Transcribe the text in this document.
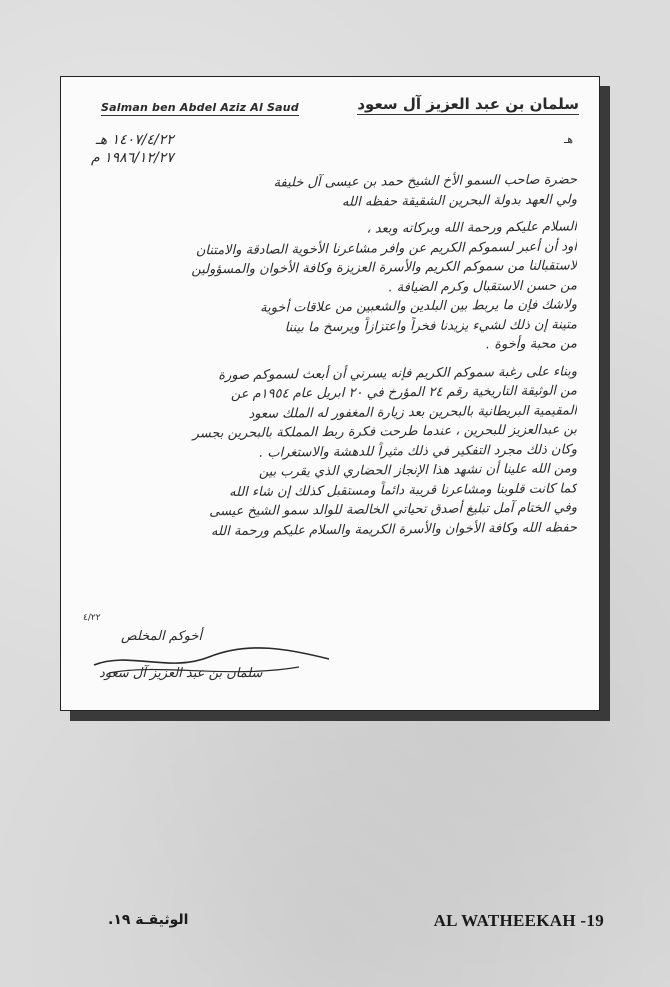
Salman ben Abdel Aziz Al Saud	سلمان بن عبد العزيز آل سعود
هـ
١٤٠٧/٤/٢٢ هـ
١٩٨٦/١٢/٢٧ م
حضرة صاحب السمو الأخ الشيخ حمد بن عيسى آل خليفة
ولي العهد بدولة البحرين الشقيقة حفظه الله
السلام عليكم ورحمة الله وبركاته وبعد ،
أود أن أعبر لسموكم الكريم عن وافر مشاعرنا الأخوية الصادقة والامتنان
لاستقبالنا من سموكم الكريم والأسرة العزيزة وكافة الأخوان والمسؤولين
من حسن الاستقبال وكرم الضيافة .
ولاشك فإن ما يربط بين البلدين والشعبين من علاقات أخوية
متينة إن ذلك لشيء يزيدنا فخراً واعتزازاً ويرسخ ما بيننا
من محبة وأخوة .
وبناء على رغبة سموكم الكريم فإنه يسرني أن أبعث لسموكم صورة
من الوثيقة التاريخية رقم ٢٤ المؤرخ في ٢٠ ابريل عام ١٩٥٤م عن
المقيمية البريطانية بالبحرين بعد زيارة المغفور له الملك سعود
بن عبدالعزيز للبحرين ، عندما طرحت فكرة ربط المملكة بالبحرين بجسر
وكان ذلك مجرد التفكير في ذلك مثيراً للدهشة والاستغراب .
ومن الله علينا أن نشهد هذا الإنجاز الحضاري الذي يقرب بين
كما كانت قلوبنا ومشاعرنا قريبة دائماً ومستقبل كذلك إن شاء الله
وفي الختام آمل تبليغ أصدق تحياتي الخالصة للوالد سمو الشيخ عيسى
حفظه الله وكافة الأخوان والأسرة الكريمة والسلام عليكم ورحمة الله
٤/٢٢
أخوكم المخلص
سلمان بن عبد العزيز آل سعود
الوثيقـة ١٩.	AL WATHEEKAH -19
